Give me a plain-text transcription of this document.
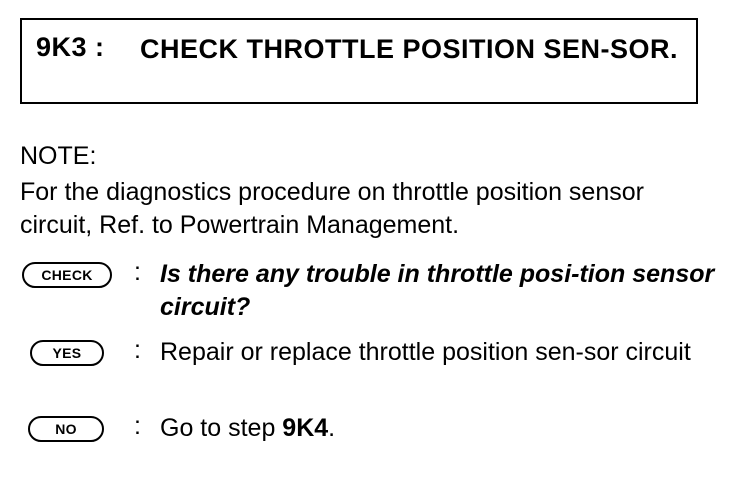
9K3 : CHECK THROTTLE POSITION SEN-SOR.
NOTE:
For the diagnostics procedure on throttle position sensor circuit, Ref. to Powertrain Management.
CHECK	: Is there any trouble in throttle posi-tion sensor circuit?
YES	: Repair or replace throttle position sen-sor circuit
NO	: Go to step 9K4.
